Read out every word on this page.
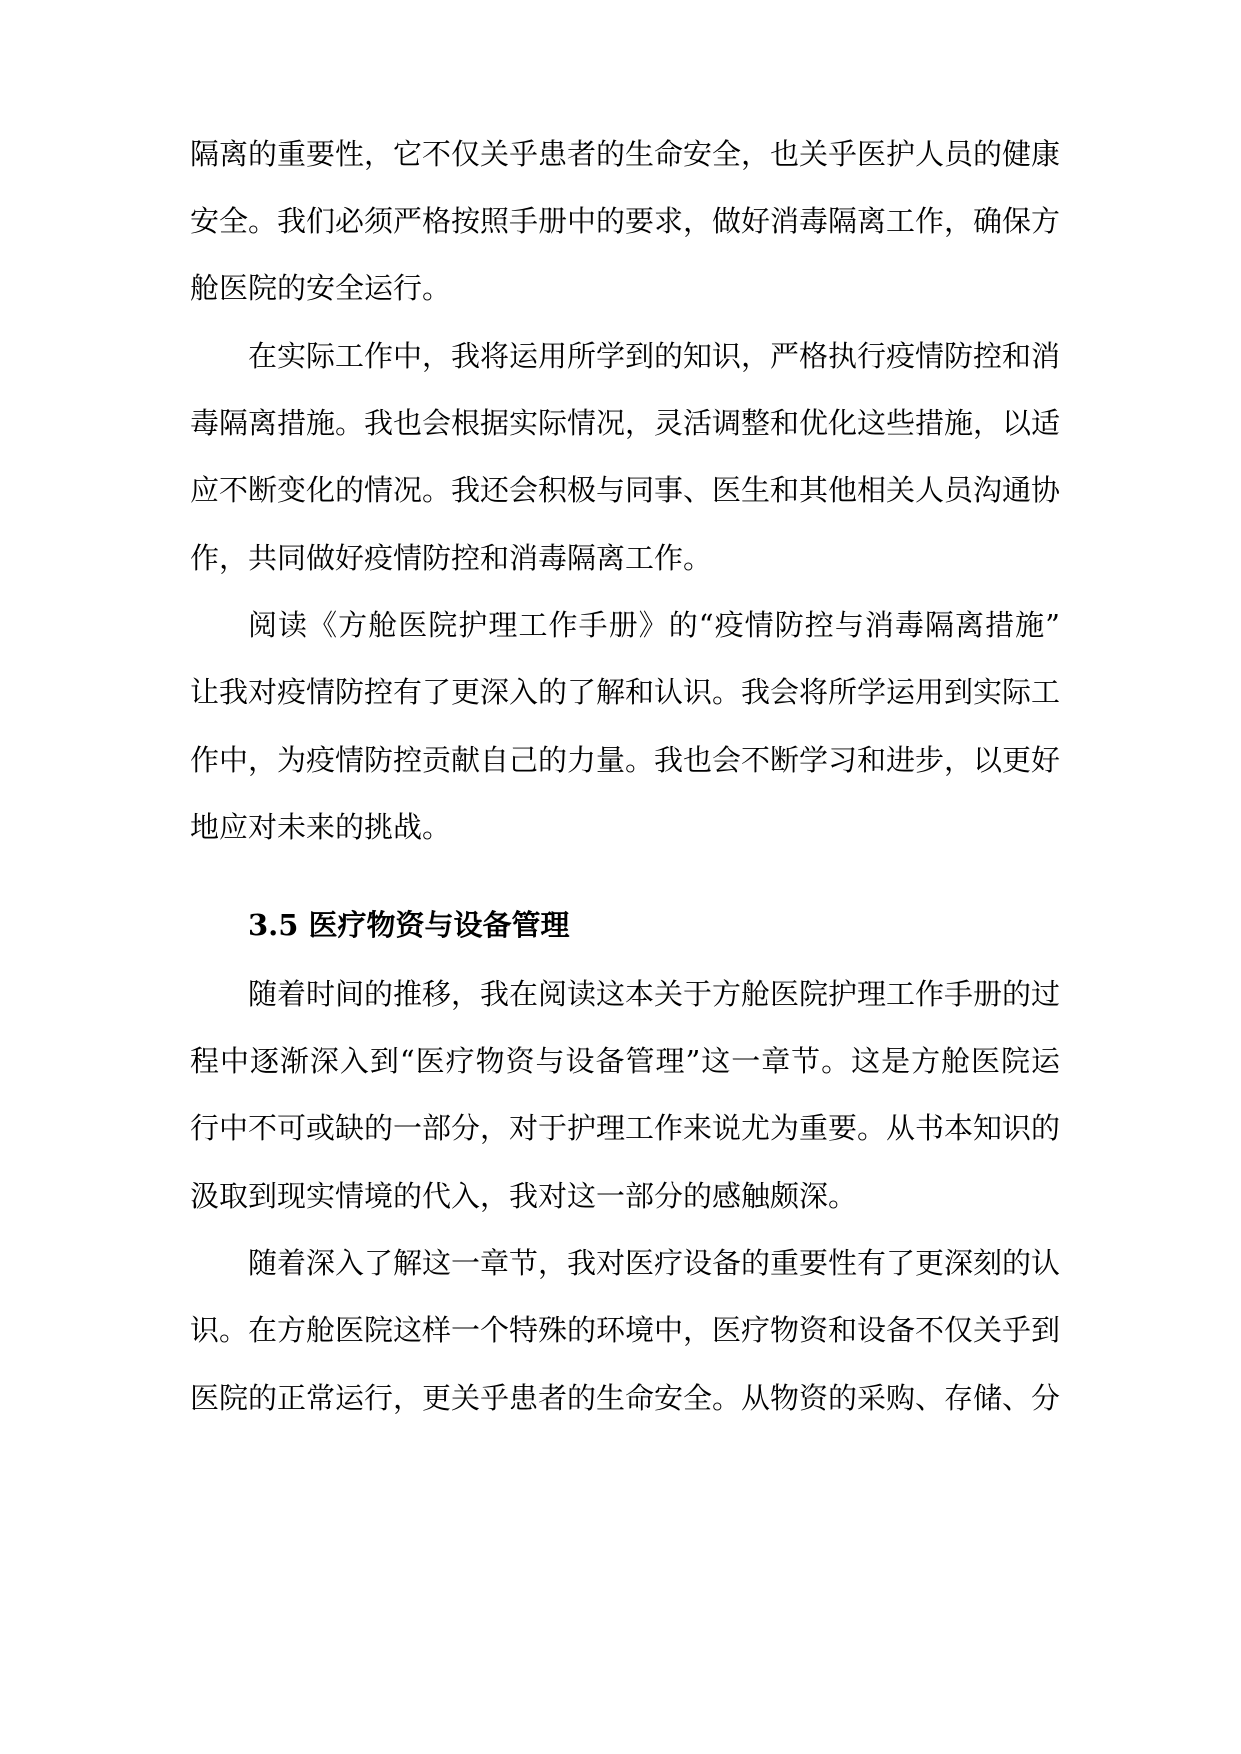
隔离的重要性，它不仅关乎患者的生命安全，也关乎医护人员的健康
安全。我们必须严格按照手册中的要求，做好消毒隔离工作，确保方
舱医院的安全运行。
在实际工作中，我将运用所学到的知识，严格执行疫情防控和消
毒隔离措施。我也会根据实际情况，灵活调整和优化这些措施，以适
应不断变化的情况。我还会积极与同事、医生和其他相关人员沟通协
作，共同做好疫情防控和消毒隔离工作。
阅读《方舱医院护理工作手册》的“疫情防控与消毒隔离措施”
让我对疫情防控有了更深入的了解和认识。我会将所学运用到实际工
作中，为疫情防控贡献自己的力量。我也会不断学习和进步，以更好
地应对未来的挑战。
3.5 医疗物资与设备管理
随着时间的推移，我在阅读这本关于方舱医院护理工作手册的过
程中逐渐深入到“医疗物资与设备管理”这一章节。这是方舱医院运
行中不可或缺的一部分，对于护理工作来说尤为重要。从书本知识的
汲取到现实情境的代入，我对这一部分的感触颇深。
随着深入了解这一章节，我对医疗设备的重要性有了更深刻的认
识。在方舱医院这样一个特殊的环境中，医疗物资和设备不仅关乎到
医院的正常运行，更关乎患者的生命安全。从物资的采购、存储、分
